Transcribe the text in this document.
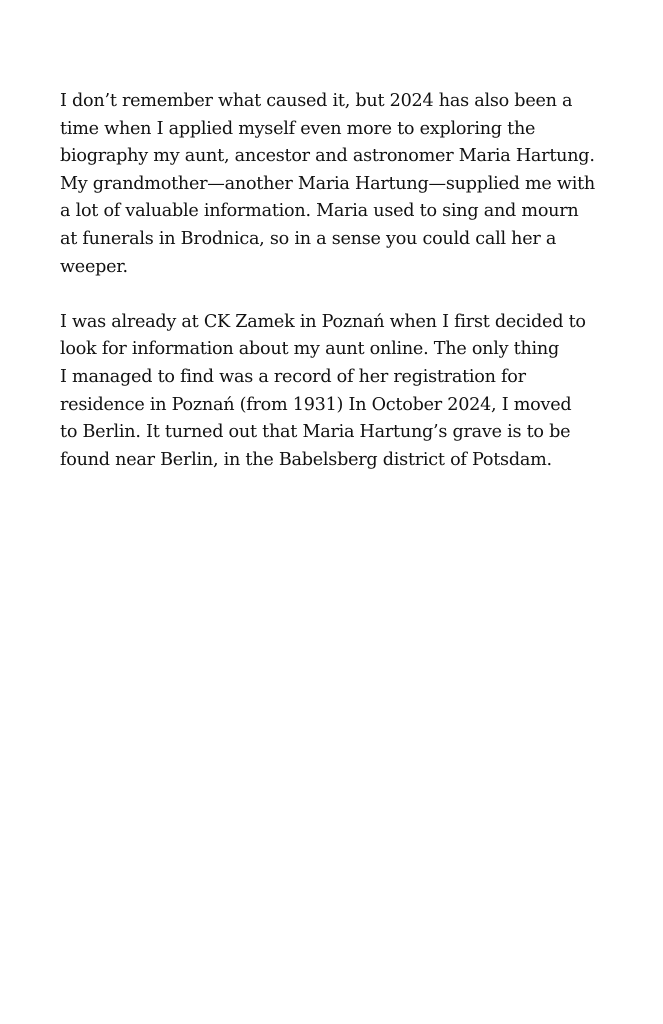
I don’t remember what caused it, but 2024 has also been a
time when I applied myself even more to exploring the
biography my aunt, ancestor and astronomer Maria Hartung.
My grandmother—another Maria Hartung—supplied me with
a lot of valuable information. Maria used to sing and mourn
at funerals in Brodnica, so in a sense you could call her a
weeper.

I was already at CK Zamek in Poznań when I first decided to
look for information about my aunt online. The only thing
I managed to find was a record of her registration for
residence in Poznań (from 1931) In October 2024, I moved
to Berlin. It turned out that Maria Hartung’s grave is to be
found near Berlin, in the Babelsberg district of Potsdam.
